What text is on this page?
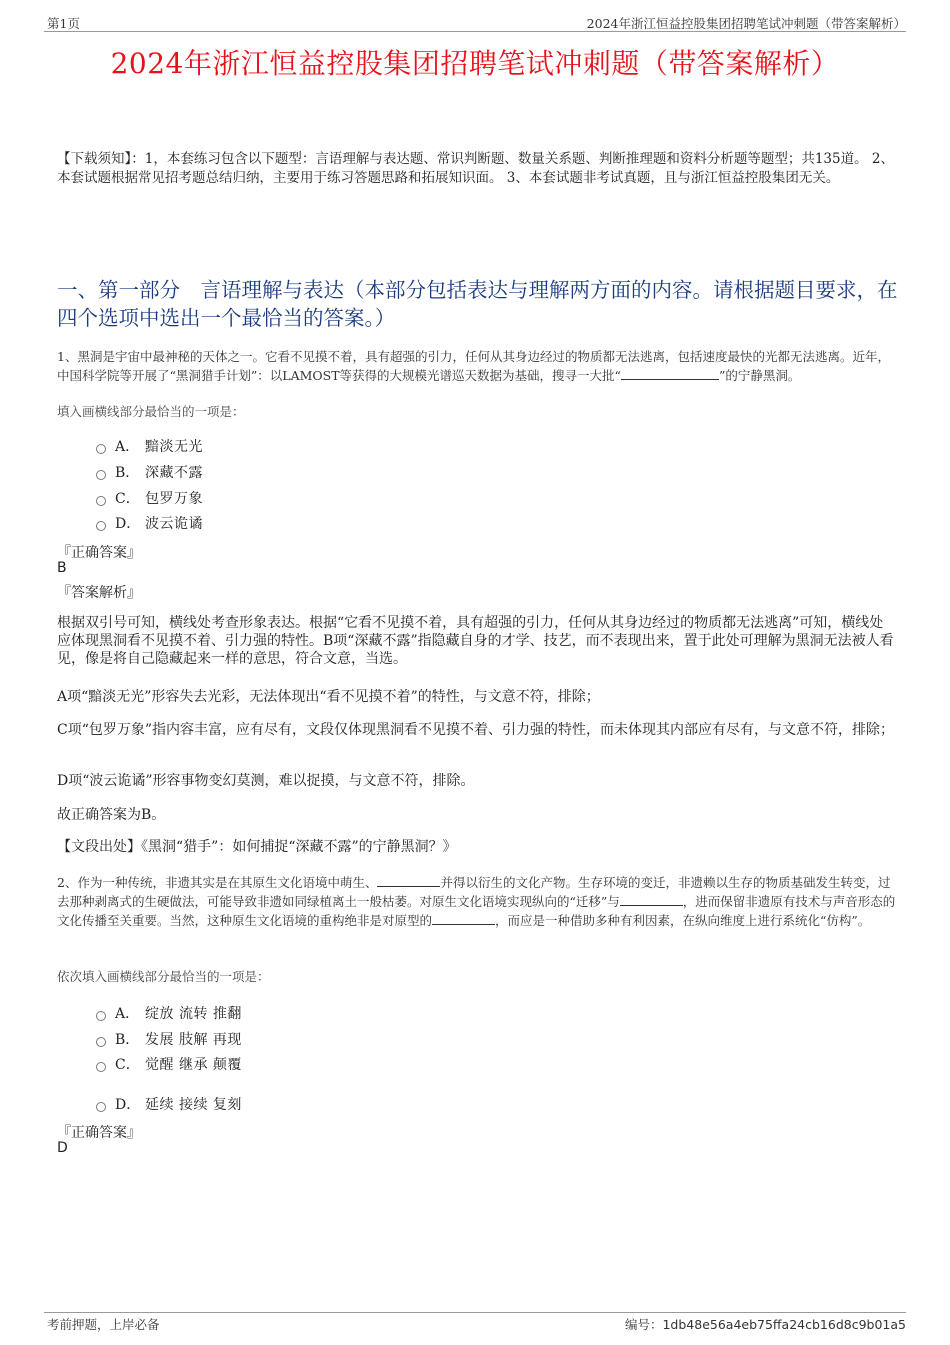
第1页	2024年浙江恒益控股集团招聘笔试冲刺题（带答案解析）
2024年浙江恒益控股集团招聘笔试冲刺题（带答案解析）
【下载须知】：1，本套练习包含以下题型：言语理解与表达题、常识判断题、数量关系题、判断推理题和资料分析题等题型；共135道。 2、本套试题根据常见招考题总结归纳，主要用于练习答题思路和拓展知识面。 3、本套试题非考试真题，且与浙江恒益控股集团无关。
一、第一部分　言语理解与表达（本部分包括表达与理解两方面的内容。请根据题目要求，在四个选项中选出一个最恰当的答案。）
1、黑洞是宇宙中最神秘的天体之一。它看不见摸不着，具有超强的引力，任何从其身边经过的物质都无法逃离，包括速度最快的光都无法逃离。近年，中国科学院等开展了“黑洞猎手计划”：以LAMOST等获得的大规模光谱巡天数据为基础，搜寻一大批“	”的宁静黑洞。
填入画横线部分最恰当的一项是：
A． 黯淡无光
B． 深藏不露
C． 包罗万象
D． 波云诡谲
『正确答案』
B
『答案解析』
根据双引号可知，横线处考查形象表达。根据“它看不见摸不着，具有超强的引力，任何从其身边经过的物质都无法逃离”可知，横线处应体现黑洞看不见摸不着、引力强的特性。B项“深藏不露”指隐藏自身的才学、技艺，而不表现出来，置于此处可理解为黑洞无法被人看见，像是将自己隐藏起来一样的意思，符合文意，当选。
A项“黯淡无光”形容失去光彩，无法体现出“看不见摸不着”的特性，与文意不符，排除；
C项“包罗万象”指内容丰富，应有尽有，文段仅体现黑洞看不见摸不着、引力强的特性，而未体现其内部应有尽有，与文意不符，排除；
D项“波云诡谲”形容事物变幻莫测，难以捉摸，与文意不符，排除。
故正确答案为B。
【文段出处】《黑洞“猎手”：如何捕捉“深藏不露”的宁静黑洞？》
2、作为一种传统，非遗其实是在其原生文化语境中萌生、	并得以衍生的文化产物。生存环境的变迁，非遗赖以生存的物质基础发生转变，过去那种剥离式的生硬做法，可能导致非遗如同绿植离土一般枯萎。对原生文化语境实现纵向的“迁移”与	，进而保留非遗原有技术与声音形态的文化传播至关重要。当然，这种原生文化语境的重构绝非是对原型的	，而应是一种借助多种有利因素，在纵向维度上进行系统化“仿构”。
依次填入画横线部分最恰当的一项是：
A． 绽放 流转 推翻
B． 发展 肢解 再现
C． 觉醒 继承 颠覆
D． 延续 接续 复刻
『正确答案』
D
考前押题，上岸必备	编号：1db48e56a4eb75ffa24cb16d8c9b01a5
